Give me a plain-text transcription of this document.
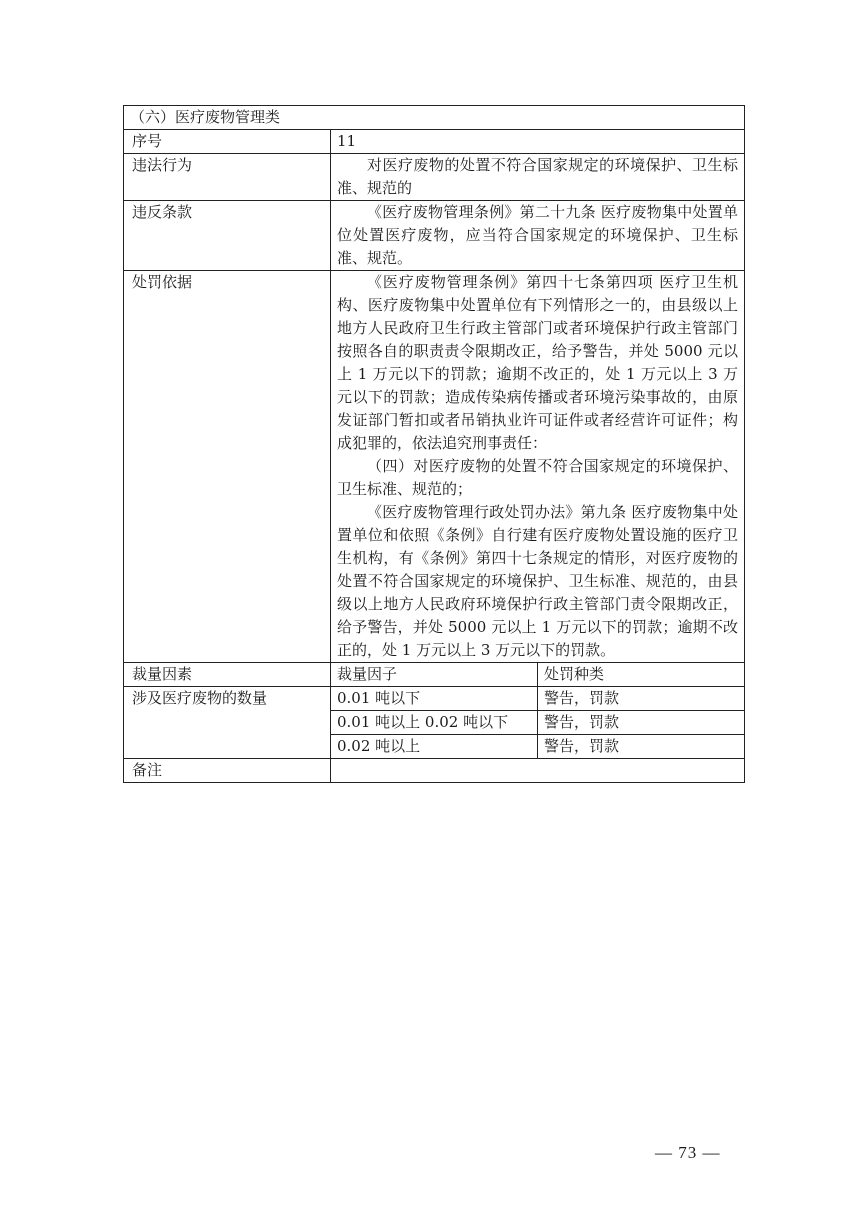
（六）医疗废物管理类		
序号	11	
违法行为	对医疗废物的处置不符合国家规定的环境保护、卫生标准、规范的	

违反条款	《医疗废物管理条例》第二十九条 医疗废物集中处置单位处置医疗废物，应当符合国家规定的环境保护、卫生标准、规范。	

处罚依据	《医疗废物管理条例》第四十七条第四项 医疗卫生机构、医疗废物集中处置单位有下列情形之一的，由县级以上地方人民政府卫生行政主管部门或者环境保护行政主管部门按照各自的职责责令限期改正，给予警告，并处 5000 元以上 1 万元以下的罚款；逾期不改正的，处 1 万元以上 3 万元以下的罚款；造成传染病传播或者环境污染事故的，由原发证部门暂扣或者吊销执业许可证件或者经营许可证件；构成犯罪的，依法追究刑事责任：

（四）对医疗废物的处置不符合国家规定的环境保护、卫生标准、规范的；

《医疗废物管理行政处罚办法》第九条 医疗废物集中处置单位和依照《条例》自行建有医疗废物处置设施的医疗卫生机构，有《条例》第四十七条规定的情形，对医疗废物的处置不符合国家规定的环境保护、卫生标准、规范的，由县级以上地方人民政府环境保护行政主管部门责令限期改正，给予警告，并处 5000 元以上 1 万元以下的罚款；逾期不改正的，处 1 万元以上 3 万元以下的罚款。	

裁量因素	裁量因子	处罚种类
涉及医疗废物的数量	0.01 吨以下	警告，罚款
	0.01 吨以上 0.02 吨以下	警告，罚款
	0.02 吨以上	警告，罚款
备注		
— 73 —
